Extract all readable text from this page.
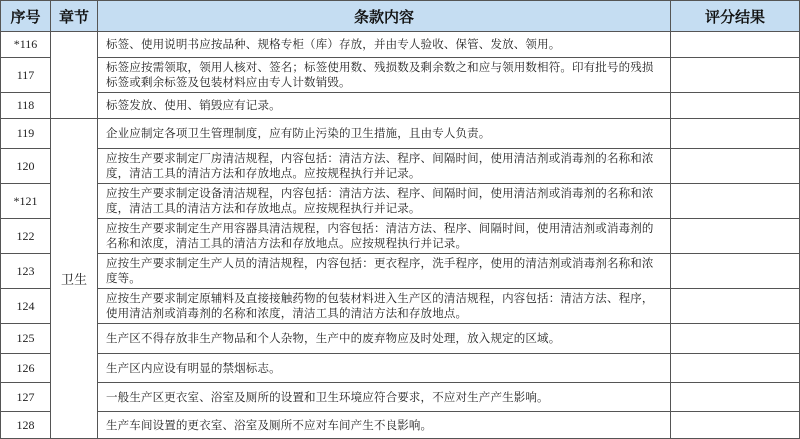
序号	章节	条款内容	评分结果
*116		标签、使用说明书应按品种、规格专柜（库）存放，并由专人验收、保管、发放、领用。	
117		标签应按需领取，领用人核对、签名；标签使用数、残损数及剩余数之和应与领用数相符。印有批号的残损标签或剩余标签及包装材料应由专人计数销毁。	
118		标签发放、使用、销毁应有记录。	
119	卫生	企业应制定各项卫生管理制度，应有防止污染的卫生措施，且由专人负责。	
120		应按生产要求制定厂房清洁规程，内容包括：清洁方法、程序、间隔时间，使用清洁剂或消毒剂的名称和浓度，清洁工具的清洁方法和存放地点。应按规程执行并记录。	
*121		应按生产要求制定设备清洁规程，内容包括：清洁方法、程序、间隔时间，使用清洁剂或消毒剂的名称和浓度，清洁工具的清洁方法和存放地点。应按规程执行并记录。	
122		应按生产要求制定生产用容器具清洁规程，内容包括：清洁方法、程序、间隔时间，使用清洁剂或消毒剂的名称和浓度，清洁工具的清洁方法和存放地点。应按规程执行并记录。	
123		应按生产要求制定生产人员的清洁规程，内容包括：更衣程序，洗手程序，使用的清洁剂或消毒剂名称和浓度等。	
124		应按生产要求制定原辅料及直接接触药物的包装材料进入生产区的清洁规程，内容包括：清洁方法、程序，使用清洁剂或消毒剂的名称和浓度，清洁工具的清洁方法和存放地点。	
125		生产区不得存放非生产物品和个人杂物，生产中的废弃物应及时处理，放入规定的区域。	
126		生产区内应设有明显的禁烟标志。	
127		一般生产区更衣室、浴室及厕所的设置和卫生环境应符合要求，不应对生产产生影响。	
128		生产车间设置的更衣室、浴室及厕所不应对车间产生不良影响。	
